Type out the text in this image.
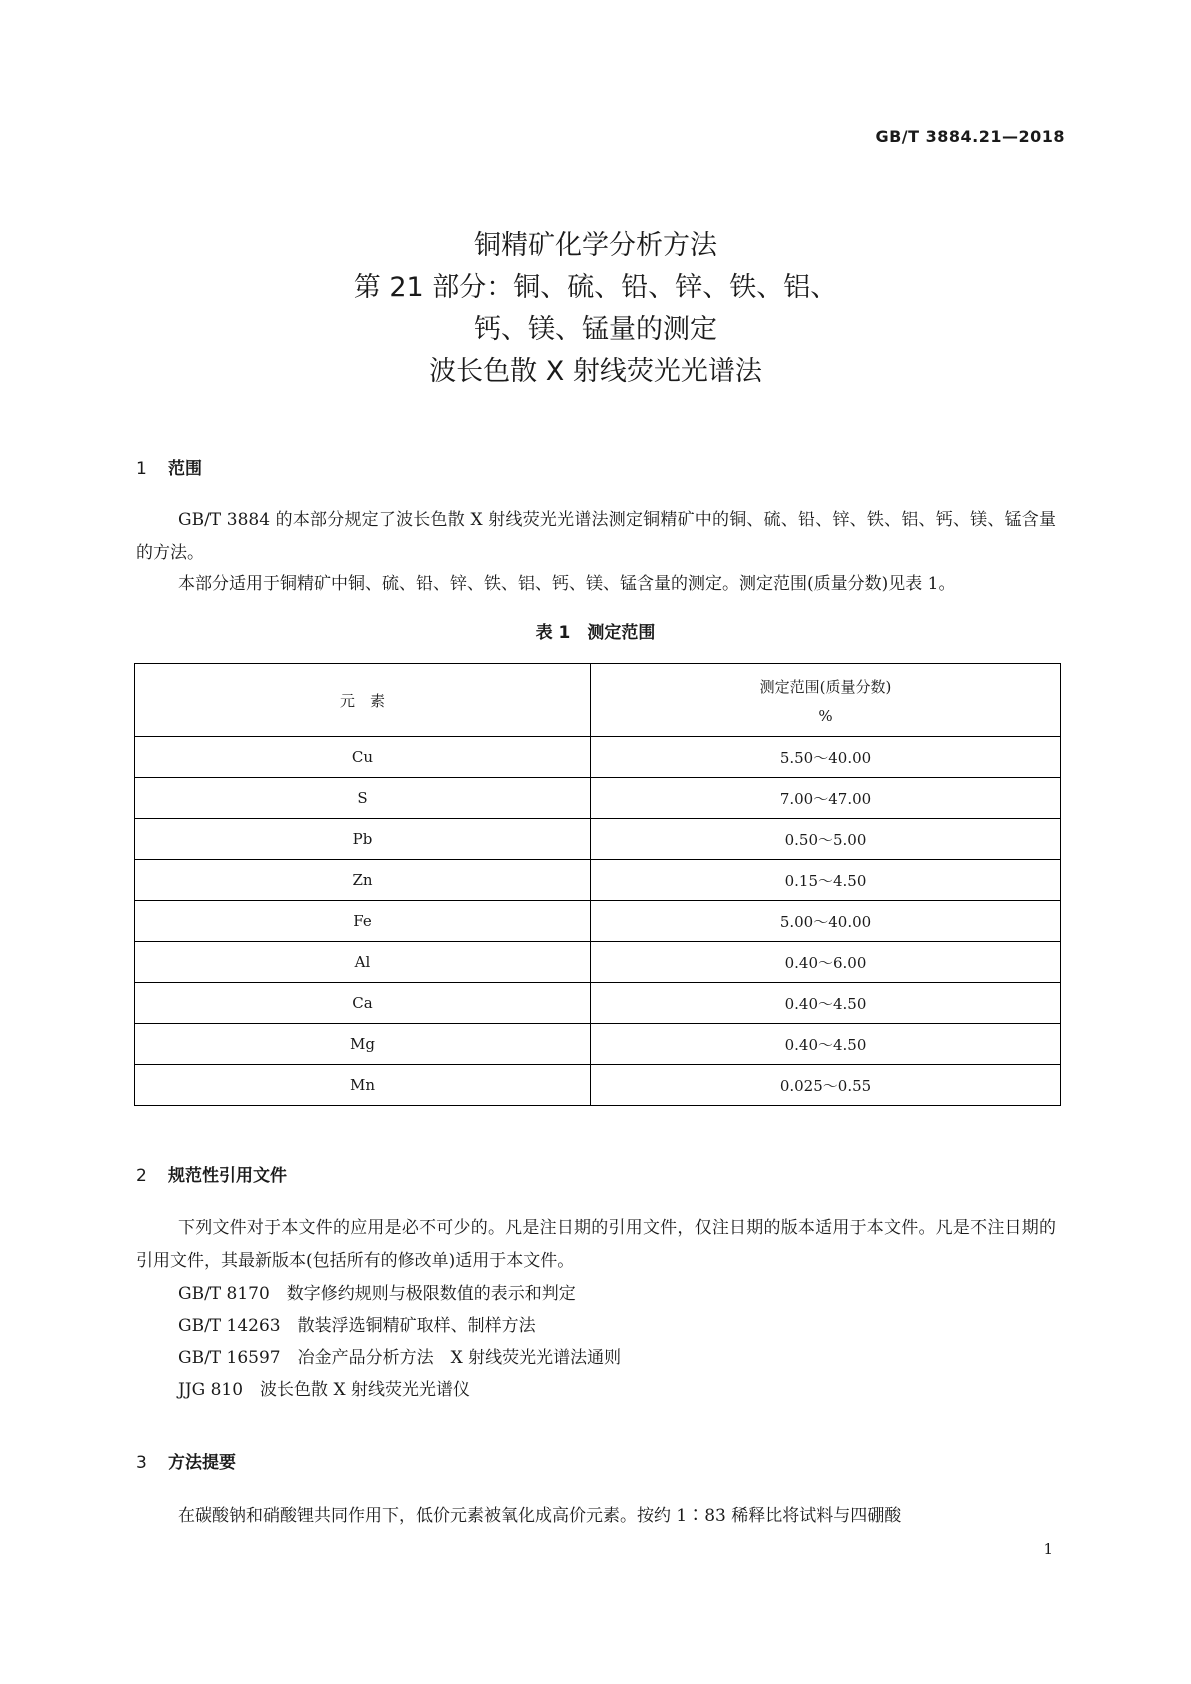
GB/T 3884.21—2018
铜精矿化学分析方法
第 21 部分：铜、硫、铅、锌、铁、铝、
钙、镁、锰量的测定
波长色散 X 射线荧光光谱法
1 范围
GB/T 3884 的本部分规定了波长色散 X 射线荧光光谱法测定铜精矿中的铜、硫、铅、锌、铁、铝、钙、镁、锰含量的方法。
本部分适用于铜精矿中铜、硫、铅、锌、铁、铝、钙、镁、锰含量的测定。测定范围(质量分数)见表 1。
表 1　测定范围
元　素	测定范围(质量分数)
%

Cu	5.50～40.00
S	7.00～47.00
Pb	0.50～5.00
Zn	0.15～4.50
Fe	5.00～40.00
Al	0.40～6.00
Ca	0.40～4.50
Mg	0.40～4.50
Mn	0.025～0.55
2 规范性引用文件
下列文件对于本文件的应用是必不可少的。凡是注日期的引用文件，仅注日期的版本适用于本文件。凡是不注日期的引用文件，其最新版本(包括所有的修改单)适用于本文件。
GB/T 8170　数字修约规则与极限数值的表示和判定
GB/T 14263　散装浮选铜精矿取样、制样方法
GB/T 16597　冶金产品分析方法　X 射线荧光光谱法通则
JJG 810　波长色散 X 射线荧光光谱仪
3 方法提要
在碳酸钠和硝酸锂共同作用下，低价元素被氧化成高价元素。按约 1∶83 稀释比将试料与四硼酸
1
